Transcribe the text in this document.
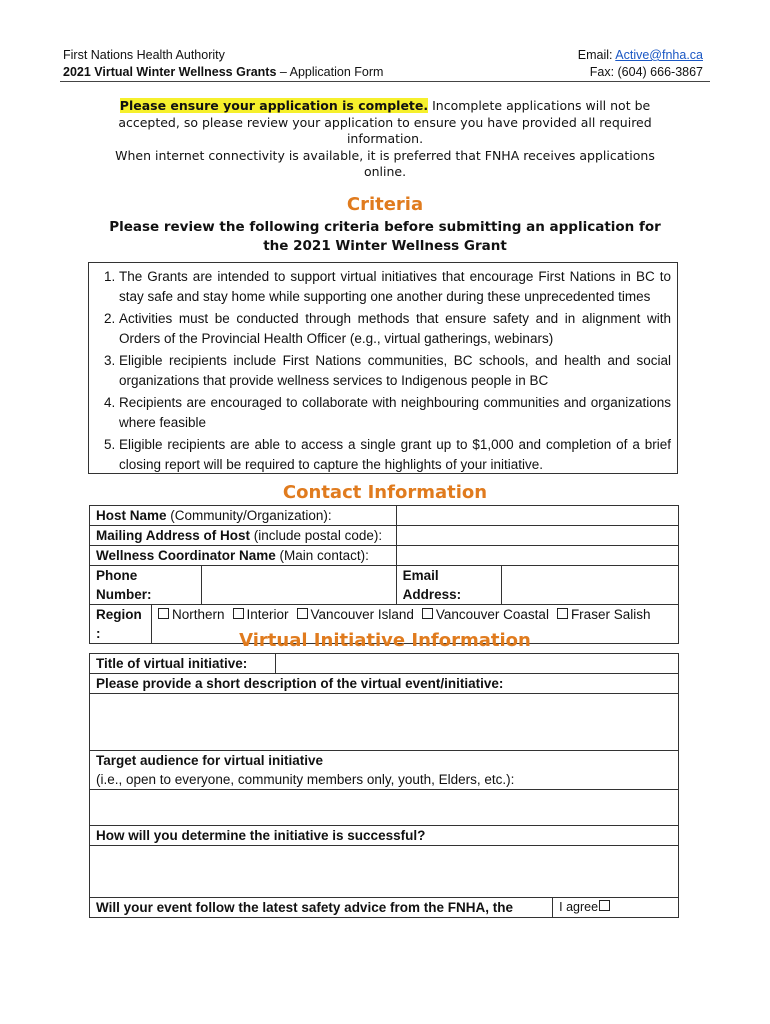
First Nations Health Authority
2021 Virtual Winter Wellness Grants – Application Form
Email: Active@fnha.ca
Fax: (604) 666-3867
Please ensure your application is complete. Incomplete applications will not be accepted, so please review your application to ensure you have provided all required information.
When internet connectivity is available, it is preferred that FNHA receives applications online.
Criteria
Please review the following criteria before submitting an application for the 2021 Winter Wellness Grant
1. The Grants are intended to support virtual initiatives that encourage First Nations in BC to stay safe and stay home while supporting one another during these unprecedented times
2. Activities must be conducted through methods that ensure safety and in alignment with Orders of the Provincial Health Officer (e.g., virtual gatherings, webinars)
3. Eligible recipients include First Nations communities, BC schools, and health and social organizations that provide wellness services to Indigenous people in BC
4. Recipients are encouraged to collaborate with neighbouring communities and organizations where feasible
5. Eligible recipients are able to access a single grant up to $1,000 and completion of a brief closing report will be required to capture the highlights of your initiative.
Contact Information
Host Name (Community/Organization):				
Mailing Address of Host (include postal code):				
Wellness Coordinator Name (Main contact):				
Phone Number:			Email Address:	
Region
:	Northern Interior Vancouver Island Vancouver Coastal Fraser Salish			
Virtual Initiative Information
Title of virtual initiative:		
Please provide a short description of the virtual event/initiative:		

Target audience for virtual initiative
(i.e., open to everyone, community members only, youth, Elders, etc.):		

How will you determine the initiative is successful?		

Will your event follow the latest safety advice from the FNHA, the		I agree
